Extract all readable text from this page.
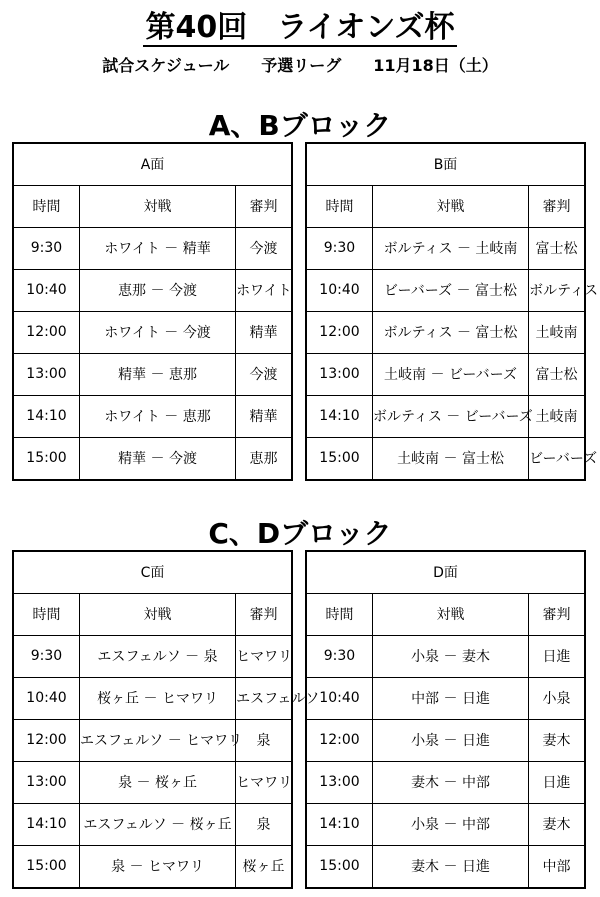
第40回　ライオンズ杯
試合スケジュール　　予選リーグ　　11月18日（土）
A、Bブロック
A面		
時間	対戦	審判
9:30	ホワイト － 精華	今渡
10:40	恵那 － 今渡	ホワイト
12:00	ホワイト － 今渡	精華
13:00	精華 － 恵那	今渡
14:10	ホワイト － 恵那	精華
15:00	精華 － 今渡	恵那
B面		
時間	対戦	審判
9:30	ボルティス － 土岐南	富士松
10:40	ビーバーズ － 富士松	ボルティス
12:00	ボルティス － 富士松	土岐南
13:00	土岐南 － ビーバーズ	富士松
14:10	ボルティス － ビーバーズ	土岐南
15:00	土岐南 － 富士松	ビーバーズ
C、Dブロック
C面		
時間	対戦	審判
9:30	エスフェルソ － 泉	ヒマワリ
10:40	桜ヶ丘 － ヒマワリ	エスフェルソ
12:00	エスフェルソ － ヒマワリ	泉
13:00	泉 － 桜ヶ丘	ヒマワリ
14:10	エスフェルソ － 桜ヶ丘	泉
15:00	泉 － ヒマワリ	桜ヶ丘
D面		
時間	対戦	審判
9:30	小泉 － 妻木	日進
10:40	中部 － 日進	小泉
12:00	小泉 － 日進	妻木
13:00	妻木 － 中部	日進
14:10	小泉 － 中部	妻木
15:00	妻木 － 日進	中部
